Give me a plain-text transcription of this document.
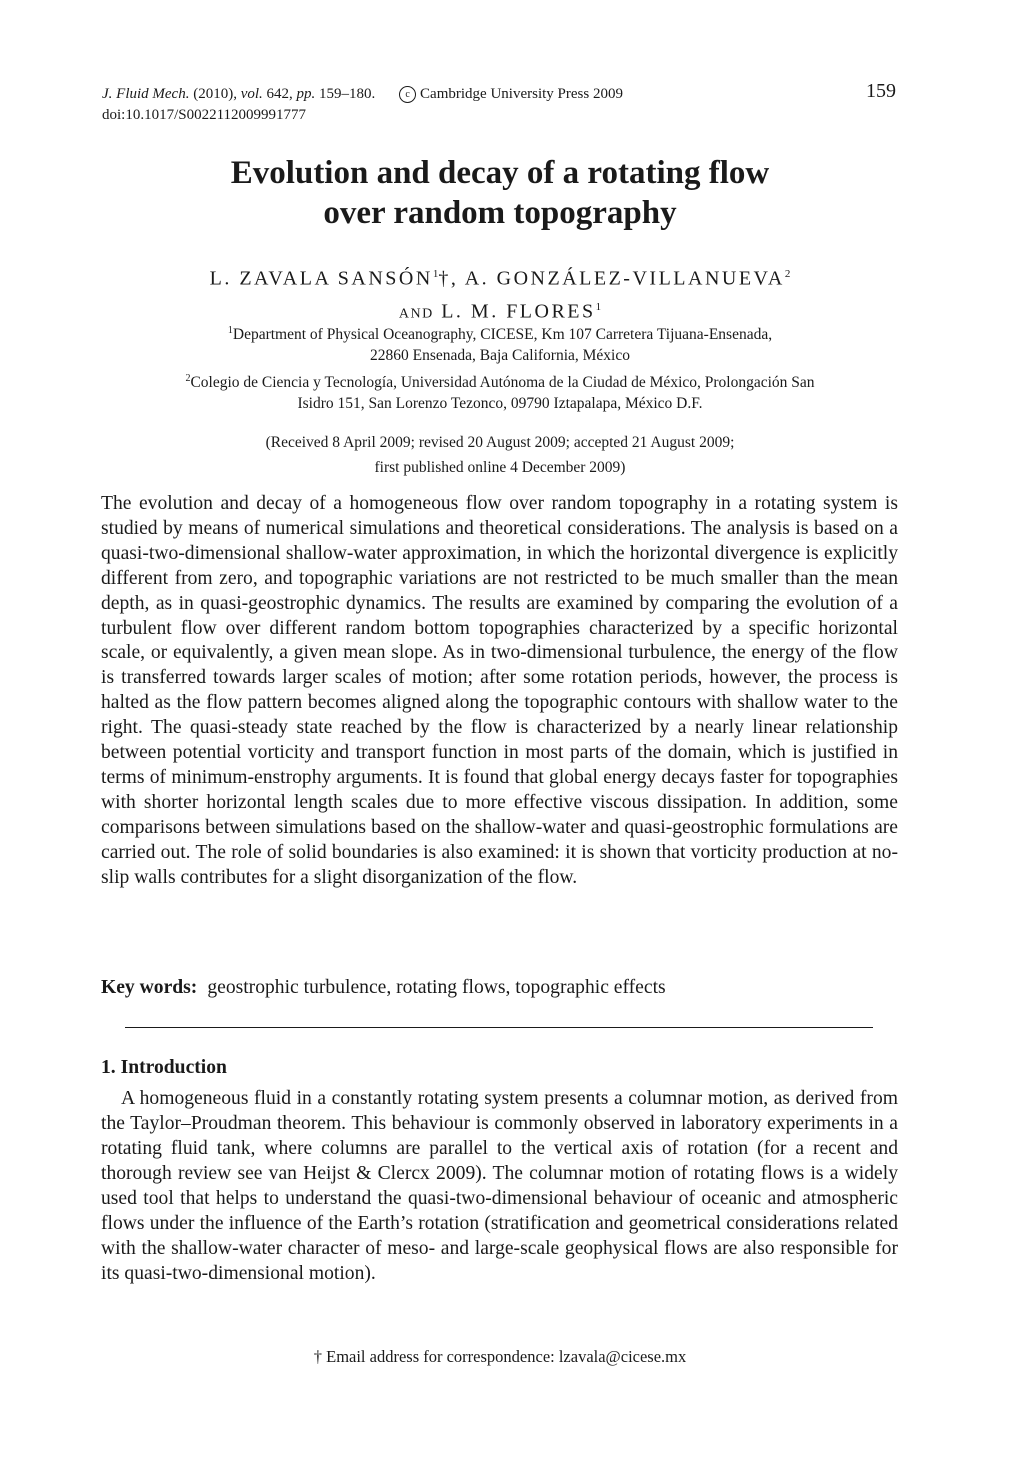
J. Fluid Mech. (2010), vol. 642, pp. 159–180.	c Cambridge University Press 2009
doi:10.1017/S0022112009991777
159
Evolution and decay of a rotating flow
over random topography
L. ZAVALA SANSÓN$^1$†, A. GONZÁLEZ-VILLANUEVA$^2$
AND L. M. FLORES$^1$
$^1$Department of Physical Oceanography, CICESE, Km 107 Carretera Tijuana-Ensenada,
22860 Ensenada, Baja California, México
$^2$Colegio de Ciencia y Tecnología, Universidad Autónoma de la Ciudad de México, Prolongación San
Isidro 151, San Lorenzo Tezonco, 09790 Iztapalapa, México D.F.
(Received 8 April 2009; revised 20 August 2009; accepted 21 August 2009;
first published online 4 December 2009)
The evolution and decay of a homogeneous flow over random topography in a rotating system is studied by means of numerical simulations and theoretical considerations. The analysis is based on a quasi-two-dimensional shallow-water approximation, in which the horizontal divergence is explicitly different from zero, and topographic variations are not restricted to be much smaller than the mean depth, as in quasi-geostrophic dynamics. The results are examined by comparing the evolution of a turbulent flow over different random bottom topographies characterized by a specific horizontal scale, or equivalently, a given mean slope. As in two-dimensional turbulence, the energy of the flow is transferred towards larger scales of motion; after some rotation periods, however, the process is halted as the flow pattern becomes aligned along the topographic contours with shallow water to the right. The quasi-steady state reached by the flow is characterized by a nearly linear relationship between potential vorticity and transport function in most parts of the domain, which is justified in terms of minimum-enstrophy arguments. It is found that global energy decays faster for topographies with shorter horizontal length scales due to more effective viscous dissipation. In addition, some comparisons between simulations based on the shallow-water and quasi-geostrophic formulations are carried out. The role of solid boundaries is also examined: it is shown that vorticity production at no-slip walls contributes for a slight disorganization of the flow.
Key words: geostrophic turbulence, rotating flows, topographic effects
1. Introduction
A homogeneous fluid in a constantly rotating system presents a columnar motion, as derived from the Taylor–Proudman theorem. This behaviour is commonly observed in laboratory experiments in a rotating fluid tank, where columns are parallel to the vertical axis of rotation (for a recent and thorough review see van Heijst & Clercx 2009). The columnar motion of rotating flows is a widely used tool that helps to understand the quasi-two-dimensional behaviour of oceanic and atmospheric flows under the influence of the Earth’s rotation (stratification and geometrical considerations related with the shallow-water character of meso- and large-scale geophysical flows are also responsible for its quasi-two-dimensional motion).
† Email address for correspondence: lzavala@cicese.mx
